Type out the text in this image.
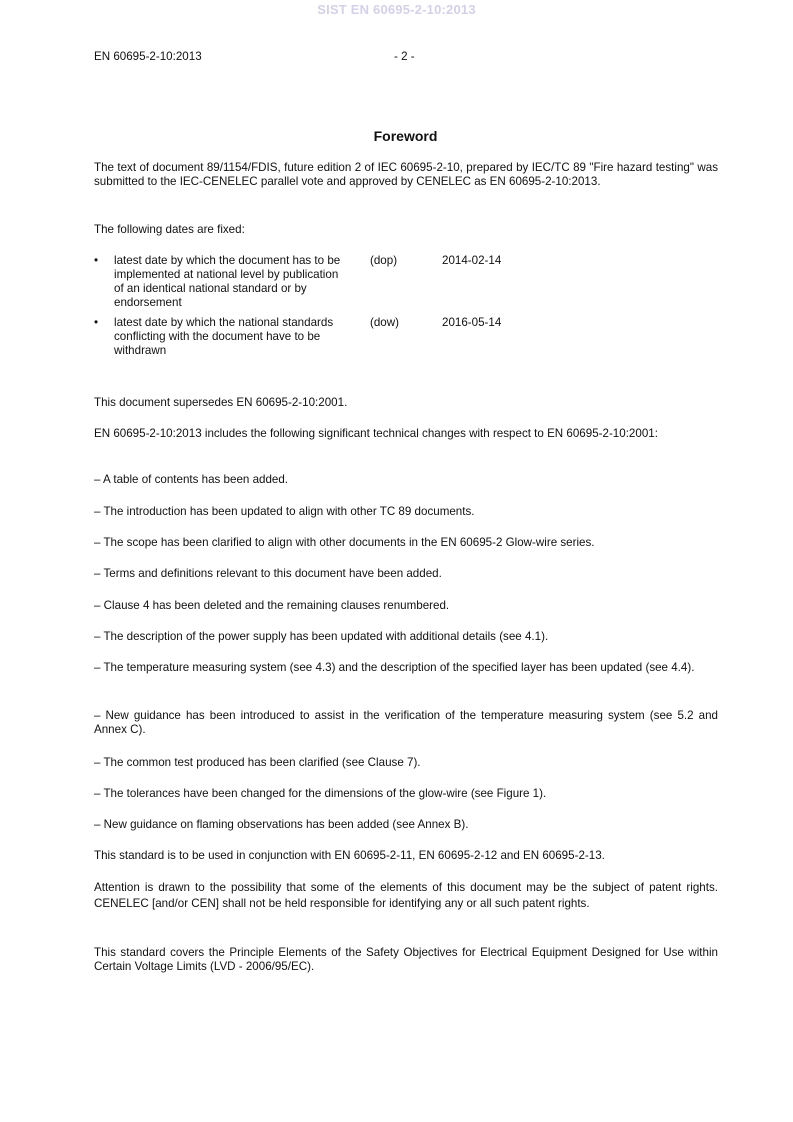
SIST EN 60695-2-10:2013
EN 60695-2-10:2013	- 2 -
Foreword

The text of document 89/1154/FDIS, future edition 2 of IEC 60695-2-10, prepared by IEC/TC 89 "Fire hazard testing" was submitted to the IEC-CENELEC parallel vote and approved by CENELEC as EN 60695-2-10:2013.

The following dates are fixed:

•	latest date by which the document has to be implemented at national level by publication of an identical national standard or by endorsement
(dop)	2014-02-14
•	latest date by which the national standards conflicting with the document have to be withdrawn
(dow)	2016-05-14

This document supersedes EN 60695-2-10:2001.

EN 60695-2-10:2013 includes the following significant technical changes with respect to EN 60695-2-10:2001:

– A table of contents has been added.

– The introduction has been updated to align with other TC 89 documents.

– The scope has been clarified to align with other documents in the EN 60695-2 Glow-wire series.

– Terms and definitions relevant to this document have been added.

– Clause 4 has been deleted and the remaining clauses renumbered.

– The description of the power supply has been updated with additional details (see 4.1).

– The temperature measuring system (see 4.3) and the description of the specified layer has been updated (see 4.4).

– New guidance has been introduced to assist in the verification of the temperature measuring system (see 5.2 and Annex C).

– The common test produced has been clarified (see Clause 7).

– The tolerances have been changed for the dimensions of the glow-wire (see Figure 1).

– New guidance on flaming observations has been added (see Annex B).

This standard is to be used in conjunction with EN 60695-2-11, EN 60695-2-12 and EN 60695-2-13.

Attention is drawn to the possibility that some of the elements of this document may be the subject of patent rights. CENELEC [and/or CEN] shall not be held responsible for identifying any or all such patent rights.

This standard covers the Principle Elements of the Safety Objectives for Electrical Equipment Designed for Use within Certain Voltage Limits (LVD - 2006/95/EC).
